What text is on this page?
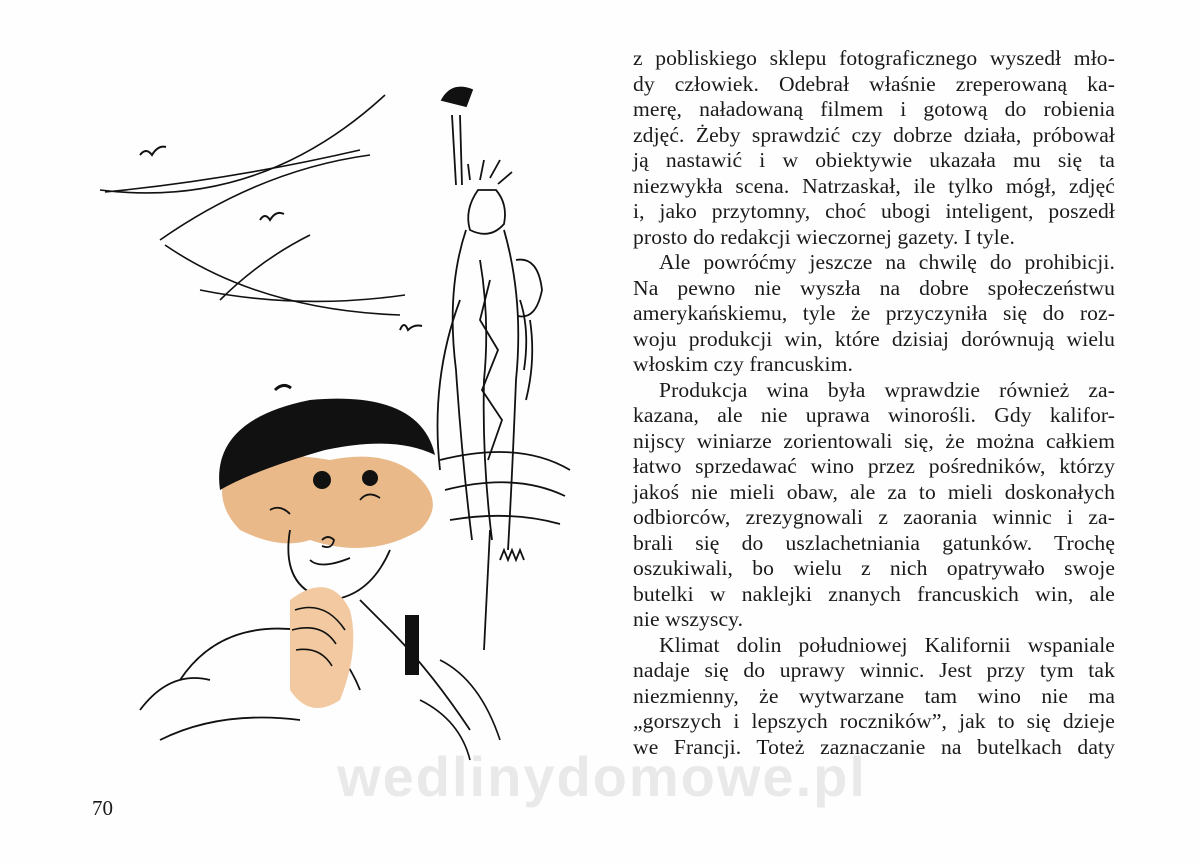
z pobliskiego sklepu fotograficznego wyszedł mło-
dy człowiek. Odebrał właśnie zreperowaną ka-
merę, naładowaną filmem i gotową do robienia
zdjęć. Żeby sprawdzić czy dobrze działa, próbował
ją nastawić i w obiektywie ukazała mu się ta
niezwykła scena. Natrzaskał, ile tylko mógł, zdjęć
i, jako przytomny, choć ubogi inteligent, poszedł
prosto do redakcji wieczornej gazety. I tyle.
Ale powróćmy jeszcze na chwilę do prohibicji.
Na pewno nie wyszła na dobre społeczeństwu
amerykańskiemu, tyle że przyczyniła się do roz-
woju produkcji win, które dzisiaj dorównują wielu
włoskim czy francuskim.
Produkcja wina była wprawdzie również za-
kazana, ale nie uprawa winorośli. Gdy kalifor-
nijscy winiarze zorientowali się, że można całkiem
łatwo sprzedawać wino przez pośredników, którzy
jakoś nie mieli obaw, ale za to mieli doskonałych
odbiorców, zrezygnowali z zaorania winnic i za-
brali się do uszlachetniania gatunków. Trochę
oszukiwali, bo wielu z nich opatrywało swoje
butelki w naklejki znanych francuskich win, ale
nie wszyscy.
Klimat dolin południowej Kalifornii wspaniale
nadaje się do uprawy winnic. Jest przy tym tak
niezmienny, że wytwarzane tam wino nie ma
„gorszych i lepszych roczników”, jak to się dzieje
we Francji. Toteż zaznaczanie na butelkach daty
wedlinydomowe.pl
70
